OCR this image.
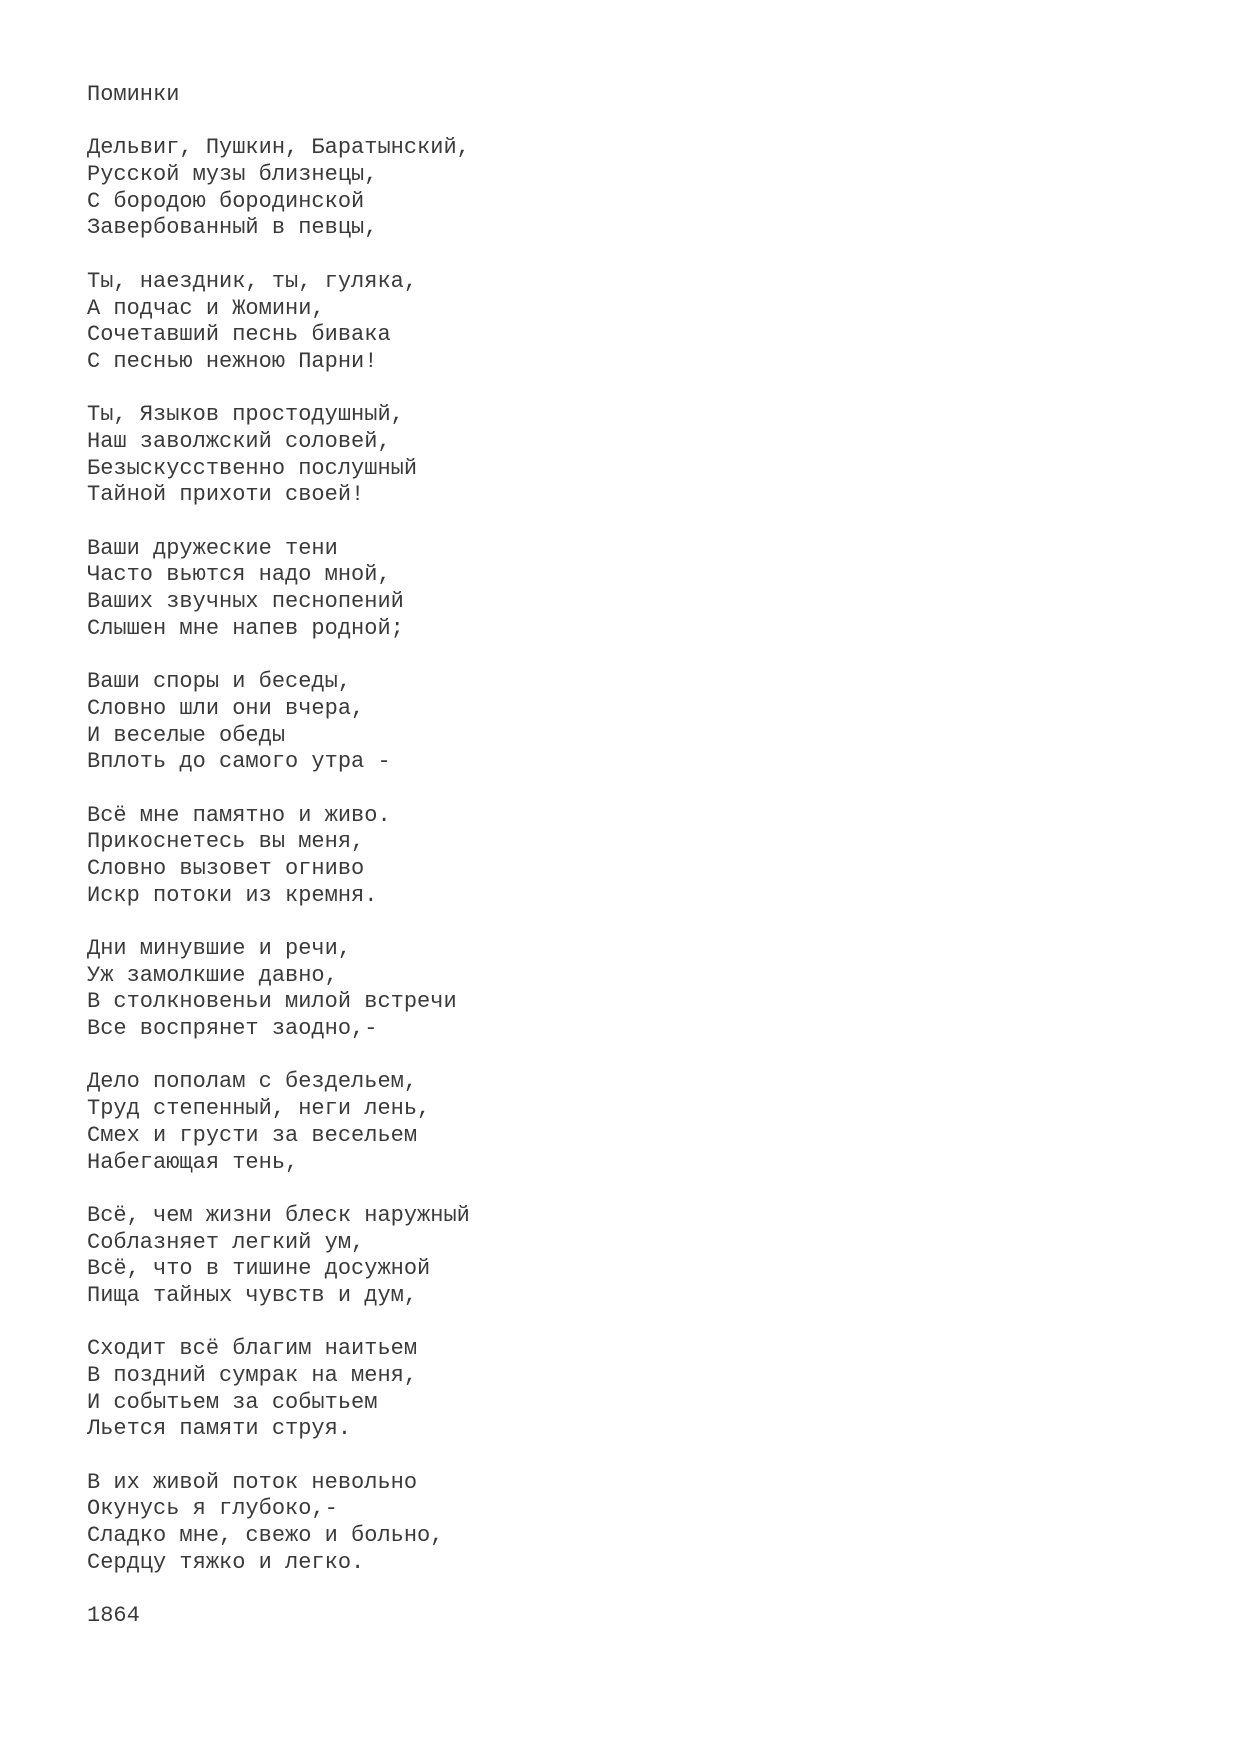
Поминки
Дельвиг, Пушкин, Баратынский,
Русской музы близнецы,
С бородою бородинской
Завербованный в певцы,
Ты, наездник, ты, гуляка,
А подчас и Жомини,
Сочетавший песнь бивака
С песнью нежною Парни!
Ты, Языков простодушный,
Наш заволжский соловей,
Безыскусственно послушный
Тайной прихоти своей!
Ваши дружеские тени
Часто вьются надо мной,
Ваших звучных песнопений
Слышен мне напев родной;
Ваши споры и беседы,
Словно шли они вчера,
И веселые обеды
Вплоть до самого утра -
Всё мне памятно и живо.
Прикоснетесь вы меня,
Словно вызовет огниво
Искр потоки из кремня.
Дни минувшие и речи,
Уж замолкшие давно,
В столкновеньи милой встречи
Все воспрянет заодно,-
Дело пополам с бездельем,
Труд степенный, неги лень,
Смех и грусти за весельем
Набегающая тень,
Всё, чем жизни блеск наружный
Соблазняет легкий ум,
Всё, что в тишине досужной
Пища тайных чувств и дум,
Сходит всё благим наитьем
В поздний сумрак на меня,
И событьем за событьем
Льется памяти струя.
В их живой поток невольно
Окунусь я глубоко,-
Сладко мне, свежо и больно,
Сердцу тяжко и легко.
1864
